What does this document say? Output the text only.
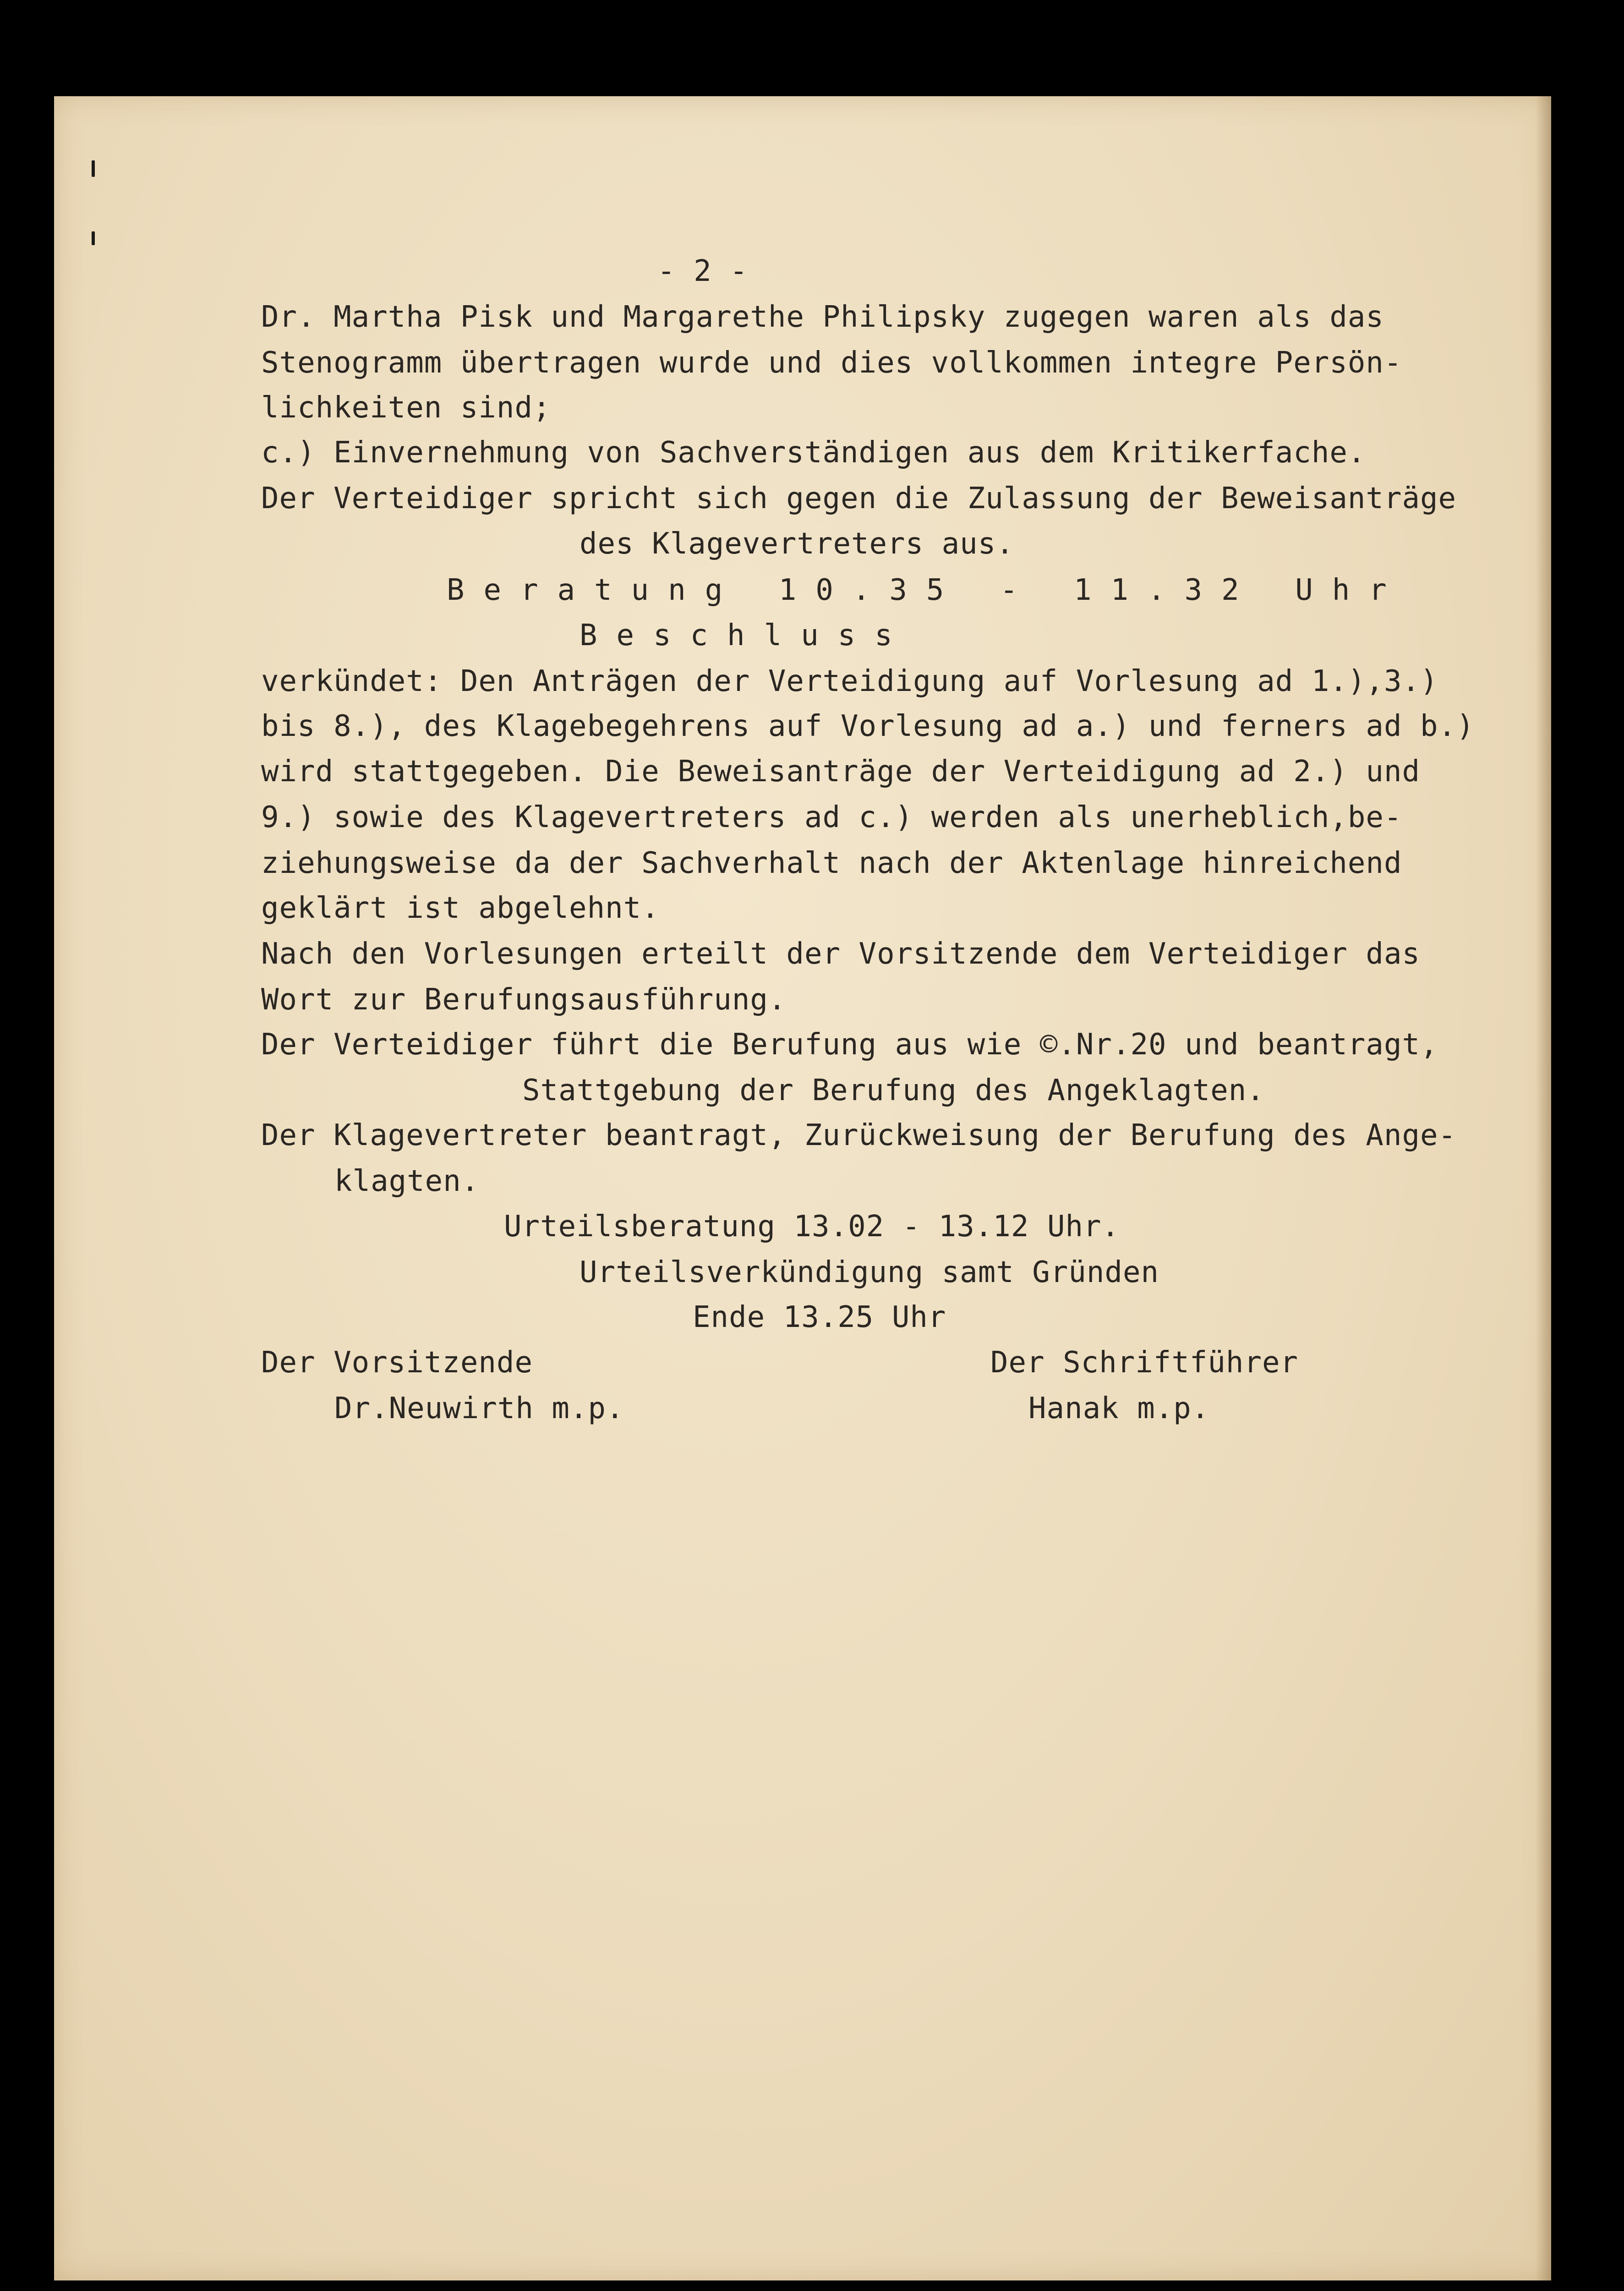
- 2 -
Dr. Martha Pisk und Margarethe Philipsky zugegen waren als das
Stenogramm übertragen wurde und dies vollkommen integre Persön-
lichkeiten sind;
c.) Einvernehmung von Sachverständigen aus dem Kritikerfache.
Der Verteidiger spricht sich gegen die Zulassung der Beweisanträge
des Klagevertreters aus.
Beratung 10.35 - 11.32 Uhr
Beschluss
verkündet: Den Anträgen der Verteidigung auf Vorlesung ad 1.),3.)
bis 8.), des Klagebegehrens auf Vorlesung ad a.) und ferners ad b.)
wird stattgegeben. Die Beweisanträge der Verteidigung ad 2.) und
9.) sowie des Klagevertreters ad c.) werden als unerheblich,be-
ziehungsweise da der Sachverhalt nach der Aktenlage hinreichend
geklärt ist abgelehnt.
Nach den Vorlesungen erteilt der Vorsitzende dem Verteidiger das
Wort zur Berufungsausführung.
Der Verteidiger führt die Berufung aus wie ©.Nr.20 und beantragt,
Stattgebung der Berufung des Angeklagten.
Der Klagevertreter beantragt, Zurückweisung der Berufung des Ange-
klagten.
Urteilsberatung 13.02 - 13.12 Uhr.
Urteilsverkündigung samt Gründen
Ende 13.25 Uhr
Der Vorsitzende	Der Schriftführer
Dr.Neuwirth m.p.	Hanak m.p.
